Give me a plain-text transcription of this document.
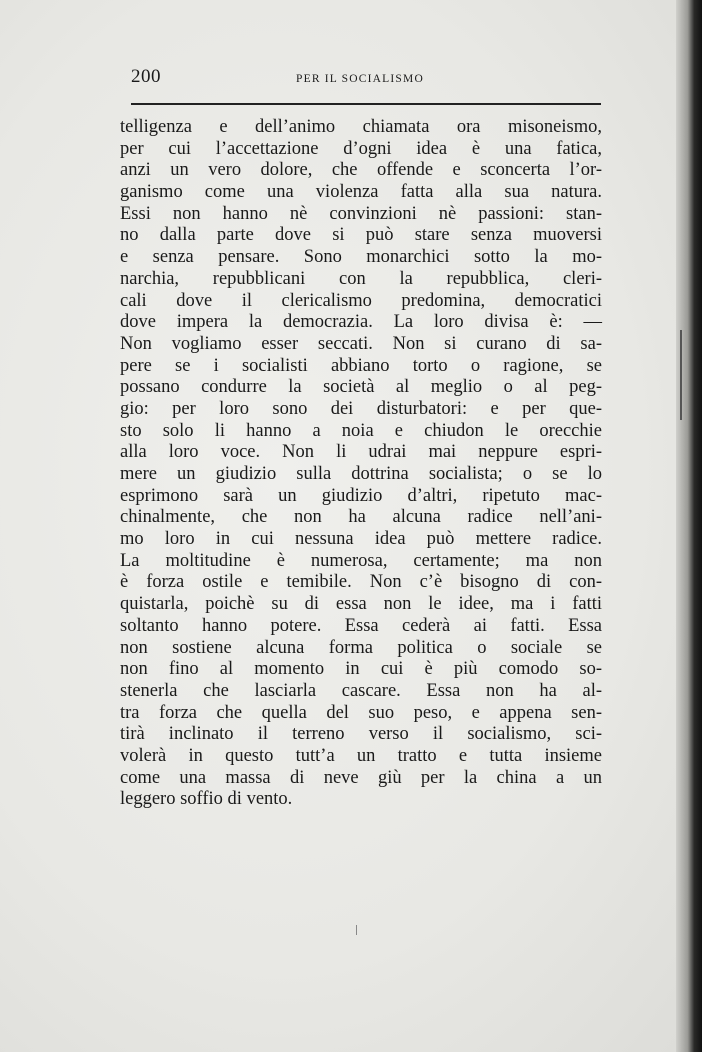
200	PER IL SOCIALISMO
telligenza e dell’animo chiamata ora misoneismo,
per cui l’accettazione d’ogni idea è una fatica,
anzi un vero dolore, che offende e sconcerta l’or-
ganismo come una violenza fatta alla sua natura.
Essi non hanno nè convinzioni nè passioni: stan-
no dalla parte dove si può stare senza muoversi
e senza pensare. Sono monarchici sotto la mo-
narchia, repubblicani con la repubblica, cleri-
cali dove il clericalismo predomina, democratici
dove impera la democrazia. La loro divisa è: —
Non vogliamo esser seccati. Non si curano di sa-
pere se i socialisti abbiano torto o ragione, se
possano condurre la società al meglio o al peg-
gio: per loro sono dei disturbatori: e per que-
sto solo li hanno a noia e chiudon le orecchie
alla loro voce. Non li udrai mai neppure espri-
mere un giudizio sulla dottrina socialista; o se lo
esprimono sarà un giudizio d’altri, ripetuto mac-
chinalmente, che non ha alcuna radice nell’ani-
mo loro in cui nessuna idea può mettere radice.
La moltitudine è numerosa, certamente; ma non
è forza ostile e temibile. Non c’è bisogno di con-
quistarla, poichè su di essa non le idee, ma i fatti
soltanto hanno potere. Essa cederà ai fatti. Essa
non sostiene alcuna forma politica o sociale se
non fino al momento in cui è più comodo so-
stenerla che lasciarla cascare. Essa non ha al-
tra forza che quella del suo peso, e appena sen-
tirà inclinato il terreno verso il socialismo, sci-
volerà in questo tutt’a un tratto e tutta insieme
come una massa di neve giù per la china a un
leggero soffio di vento.
